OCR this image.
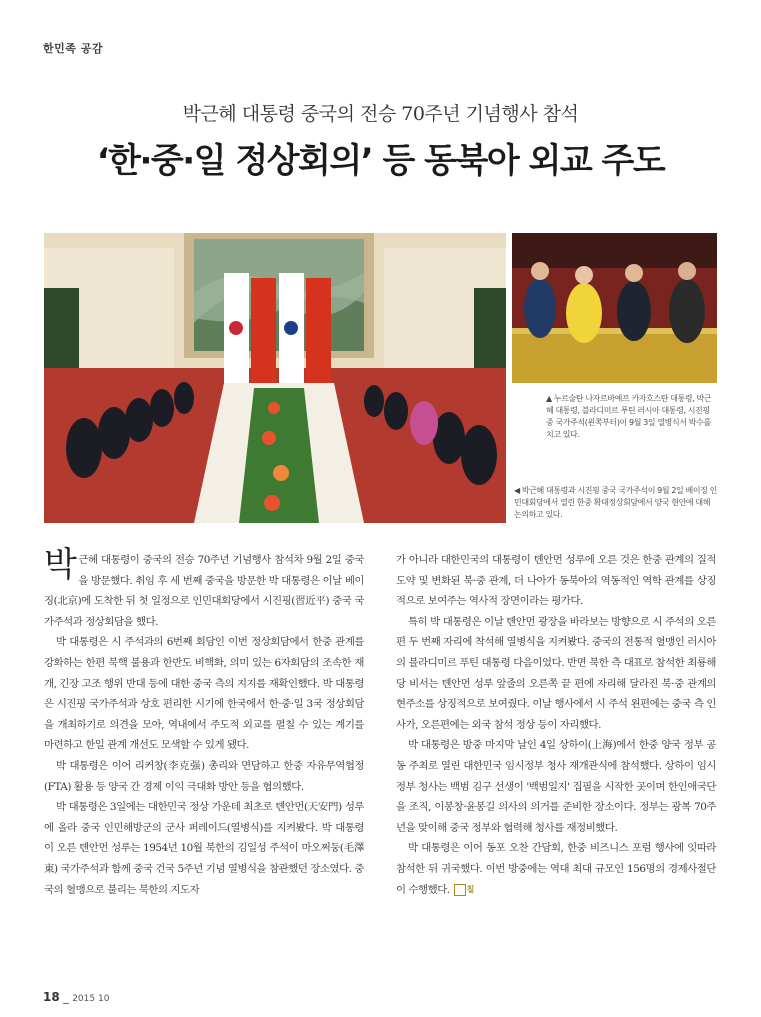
한민족 공감
박근혜 대통령 중국의 전승 70주년 기념행사 참석
‘한·중·일 정상회의’ 등 동북아 외교 주도
▲ 누르술탄 나자르바예프 카자흐스탄 대통령, 박근혜 대통령, 블라디미르 푸틴 러시아 대통령, 시진핑 중 국가주석(왼쪽부터)이 9월 3일 열병식서 박수를 치고 있다.
◀ 박근혜 대통령과 시진핑 중국 국가주석이 9월 2일 베이징 인민대회당에서 열린 한중 확대정상회담에서 양국 현안에 대해 논의하고 있다.

박근혜 대통령이 중국의 전승 70주년 기념행사 참석차 9월 2일 중국을 방문했다. 취임 후 세 번째 중국을 방문한 박 대통령은 이날 베이징(北京)에 도착한 뒤 첫 일정으로 인민대회당에서 시진핑(習近平) 중국 국가주석과 정상회담을 했다.

박 대통령은 시 주석과의 6번째 회담인 이번 정상회담에서 한중 관계를 강화하는 한편 북핵 불용과 한반도 비핵화, 의미 있는 6자회담의 조속한 재개, 긴장 고조 행위 반대 등에 대한 중국 측의 지지를 재확인했다. 박 대통령은 시진핑 국가주석과 상호 편리한 시기에 한국에서 한·중·일 3국 정상회담을 개최하기로 의견을 모아, 역내에서 주도적 외교를 펼칠 수 있는 계기를 마련하고 한일 관계 개선도 모색할 수 있게 됐다.

박 대통령은 이어 리커창(李克强) 총리와 면담하고 한중 자유무역협정(FTA) 활용 등 양국 간 경제 이익 극대화 방안 등을 협의했다.

박 대통령은 3일에는 대한민국 정상 가운데 최초로 톈안먼(天安門) 성루에 올라 중국 인민해방군의 군사 퍼레이드(열병식)를 지켜봤다. 박 대통령이 오른 톈안먼 성루는 1954년 10월 북한의 김일성 주석이 마오쩌둥(毛澤東) 국가주석과 함께 중국 건국 5주년 기념 열병식을 참관했던 장소였다. 중국의 혈맹으로 불리는 북한의 지도자

가 아니라 대한민국의 대통령이 톈안먼 성루에 오른 것은 한중 관계의 질적 도약 및 변화된 북·중 관계, 더 나아가 동북아의 역동적인 역학 관계를 상징적으로 보여주는 역사적 장면이라는 평가다.

특히 박 대통령은 이날 톈안먼 광장을 바라보는 방향으로 시 주석의 오른편 두 번째 자리에 착석해 열병식을 지켜봤다. 중국의 전통적 혈맹인 러시아의 블라디미르 푸틴 대통령 다음이었다. 반면 북한 측 대표로 참석한 최룡해 당 비서는 톈안먼 성루 앞줄의 오른쪽 끝 편에 자리해 달라진 북·중 관계의 현주소를 상징적으로 보여줬다. 이날 행사에서 시 주석 왼편에는 중국 측 인사가, 오른편에는 외국 참석 정상 등이 자리했다.

박 대통령은 방중 마지막 날인 4일 상하이(上海)에서 한중 양국 정부 공동 주최로 열린 대한민국 임시정부 청사 재개관식에 참석했다. 상하이 임시정부 청사는 백범 김구 선생이 '백범일지' 집필을 시작한 곳이며 한인애국단을 조직, 이봉창·윤봉길 의사의 의거를 준비한 장소이다. 정부는 광복 70주년을 맞이해 중국 정부와 협력해 청사를 재정비했다.

박 대통령은 이어 동포 오찬 간담회, 한중 비즈니스 포럼 행사에 잇따라 참석한 뒤 귀국했다. 이번 방중에는 역대 최대 규모인 156명의 경제사절단이 수행했다. 칠

18 _ 2015 10
